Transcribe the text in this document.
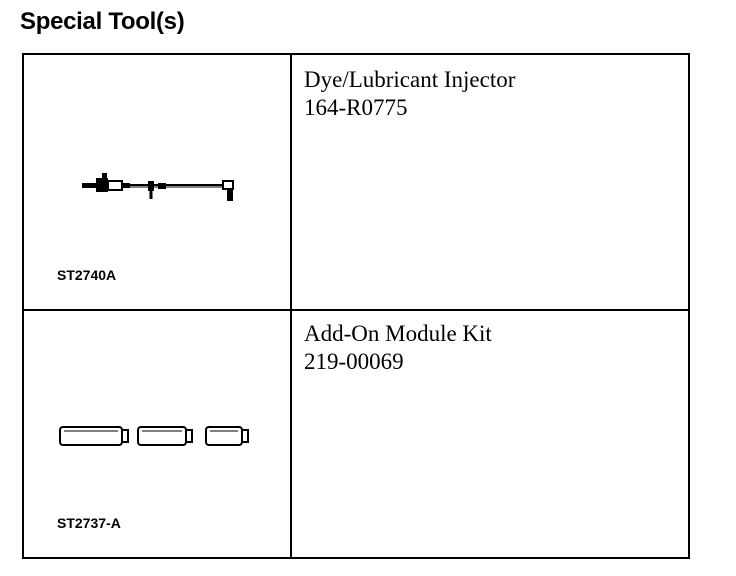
Special Tool(s)
ST2740A
Dye/Lubricant Injector
164-R0775
ST2737-A
Add-On Module Kit
219-00069
